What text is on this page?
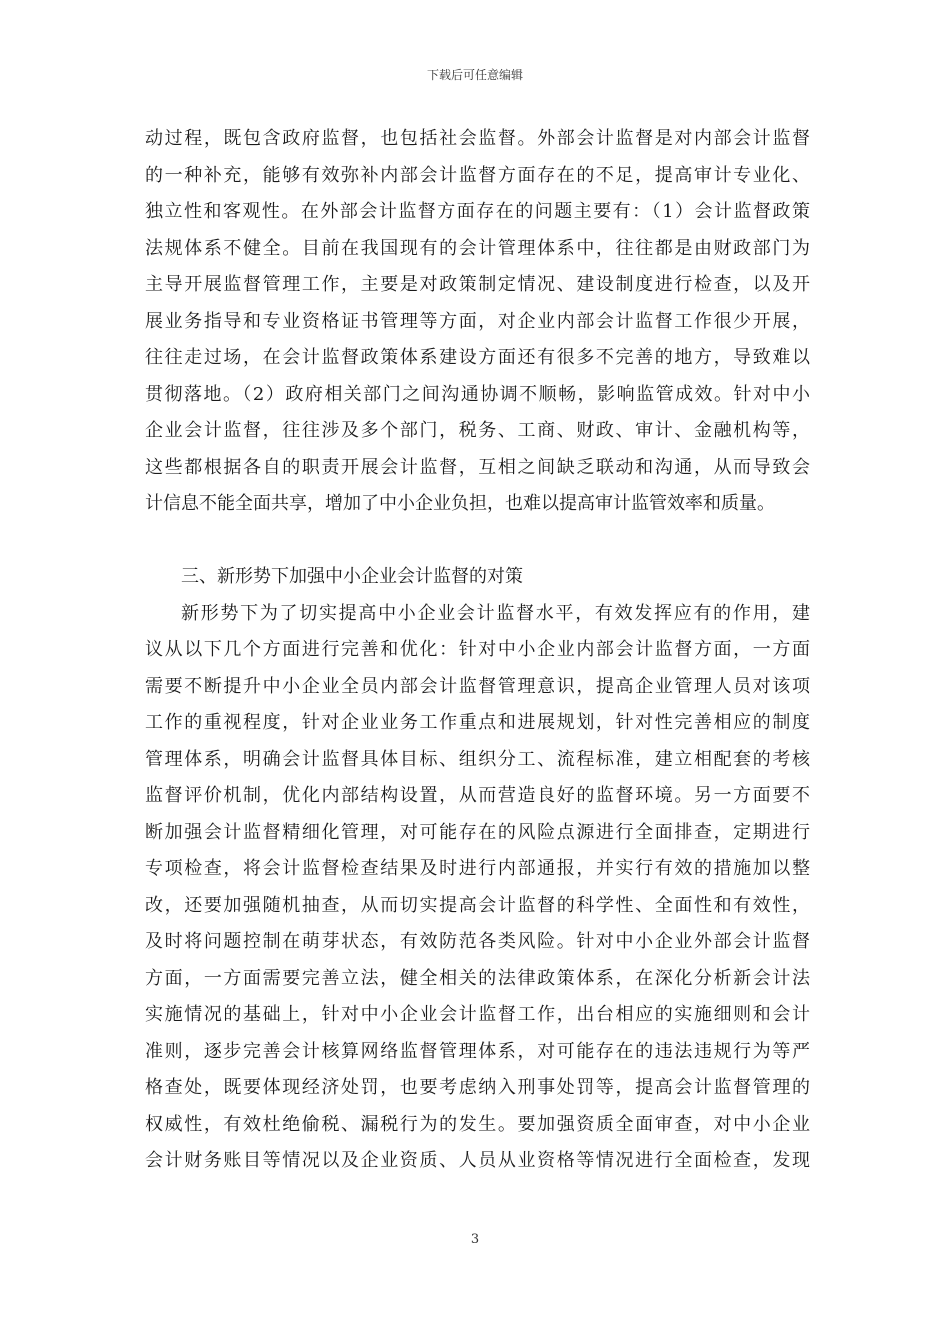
下载后可任意编辑
动过程，既包含政府监督，也包括社会监督。外部会计监督是对内部会计监督
的一种补充，能够有效弥补内部会计监督方面存在的不足，提高审计专业化、
独立性和客观性。在外部会计监督方面存在的问题主要有：（1）会计监督政策
法规体系不健全。目前在我国现有的会计管理体系中，往往都是由财政部门为
主导开展监督管理工作，主要是对政策制定情况、建设制度进行检查，以及开
展业务指导和专业资格证书管理等方面，对企业内部会计监督工作很少开展，
往往走过场，在会计监督政策体系建设方面还有很多不完善的地方，导致难以
贯彻落地。（2）政府相关部门之间沟通协调不顺畅，影响监管成效。针对中小
企业会计监督，往往涉及多个部门，税务、工商、财政、审计、金融机构等，
这些都根据各自的职责开展会计监督，互相之间缺乏联动和沟通，从而导致会
计信息不能全面共享，增加了中小企业负担，也难以提高审计监管效率和质量。
三、新形势下加强中小企业会计监督的对策
新形势下为了切实提高中小企业会计监督水平，有效发挥应有的作用，建
议从以下几个方面进行完善和优化：针对中小企业内部会计监督方面，一方面
需要不断提升中小企业全员内部会计监督管理意识，提高企业管理人员对该项
工作的重视程度，针对企业业务工作重点和进展规划，针对性完善相应的制度
管理体系，明确会计监督具体目标、组织分工、流程标准，建立相配套的考核
监督评价机制，优化内部结构设置，从而营造良好的监督环境。另一方面要不
断加强会计监督精细化管理，对可能存在的风险点源进行全面排查，定期进行
专项检查，将会计监督检查结果及时进行内部通报，并实行有效的措施加以整
改，还要加强随机抽查，从而切实提高会计监督的科学性、全面性和有效性，
及时将问题控制在萌芽状态，有效防范各类风险。针对中小企业外部会计监督
方面，一方面需要完善立法，健全相关的法律政策体系，在深化分析新会计法
实施情况的基础上，针对中小企业会计监督工作，出台相应的实施细则和会计
准则，逐步完善会计核算网络监督管理体系，对可能存在的违法违规行为等严
格查处，既要体现经济处罚，也要考虑纳入刑事处罚等，提高会计监督管理的
权威性，有效杜绝偷税、漏税行为的发生。要加强资质全面审查，对中小企业
会计财务账目等情况以及企业资质、人员从业资格等情况进行全面检查，发现
3
